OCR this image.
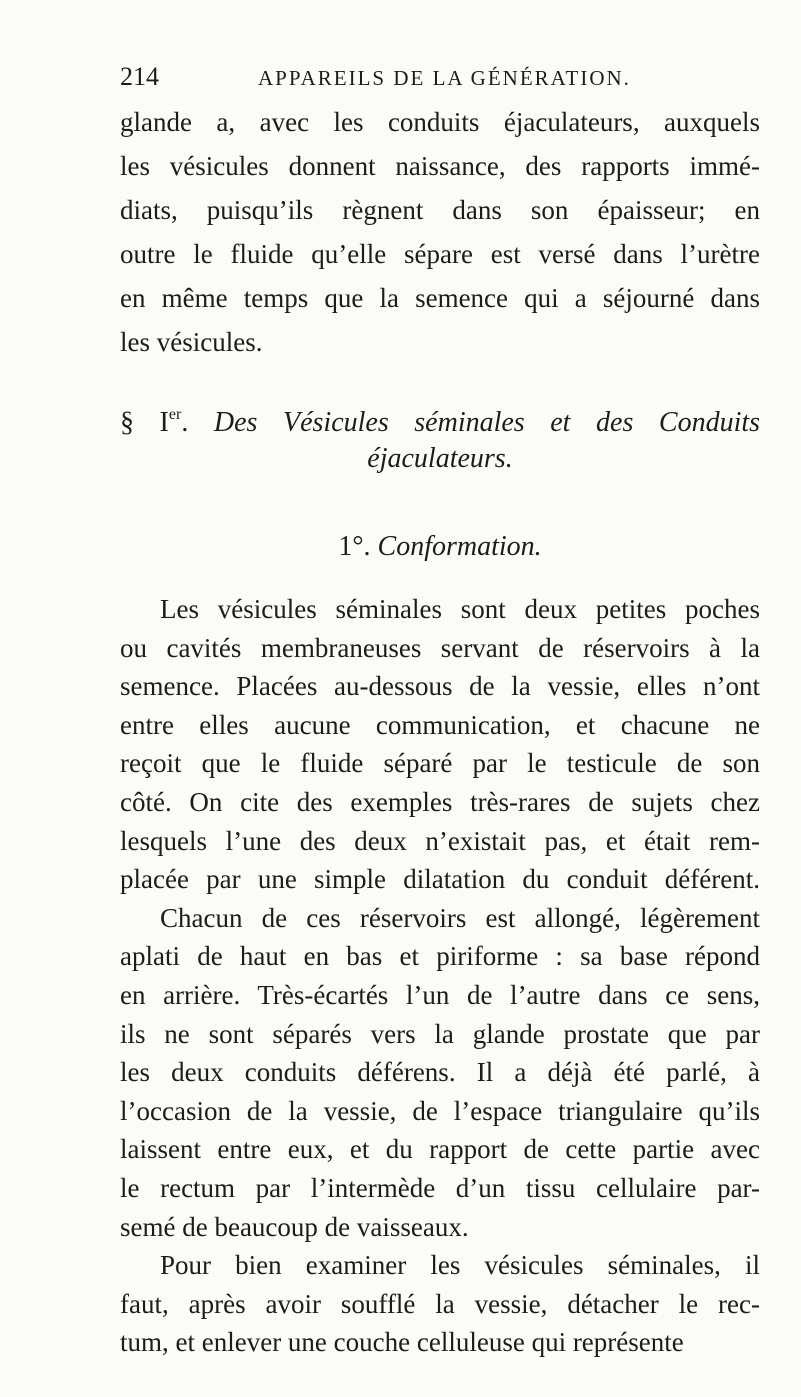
214	APPAREILS DE LA GÉNÉRATION.
glande a, avec les conduits éjaculateurs, auxquels
les vésicules donnent naissance, des rapports immé-
diats, puisqu’ils règnent dans son épaisseur; en
outre le fluide qu’elle sépare est versé dans l’urètre
en même temps que la semence qui a séjourné dans
les vésicules.
§ Ier. Des Vésicules séminales et des Conduits
éjaculateurs.
1°. Conformation.
Les vésicules séminales sont deux petites poches
ou cavités membraneuses servant de réservoirs à la
semence. Placées au-dessous de la vessie, elles n’ont
entre elles aucune communication, et chacune ne
reçoit que le fluide séparé par le testicule de son
côté. On cite des exemples très-rares de sujets chez
lesquels l’une des deux n’existait pas, et était rem-
placée par une simple dilatation du conduit déférent.
Chacun de ces réservoirs est allongé, légèrement
aplati de haut en bas et piriforme : sa base répond
en arrière. Très-écartés l’un de l’autre dans ce sens,
ils ne sont séparés vers la glande prostate que par
les deux conduits déférens. Il a déjà été parlé, à
l’occasion de la vessie, de l’espace triangulaire qu’ils
laissent entre eux, et du rapport de cette partie avec
le rectum par l’intermède d’un tissu cellulaire par-
semé de beaucoup de vaisseaux.
Pour bien examiner les vésicules séminales, il
faut, après avoir soufflé la vessie, détacher le rec-
tum, et enlever une couche celluleuse qui représente
